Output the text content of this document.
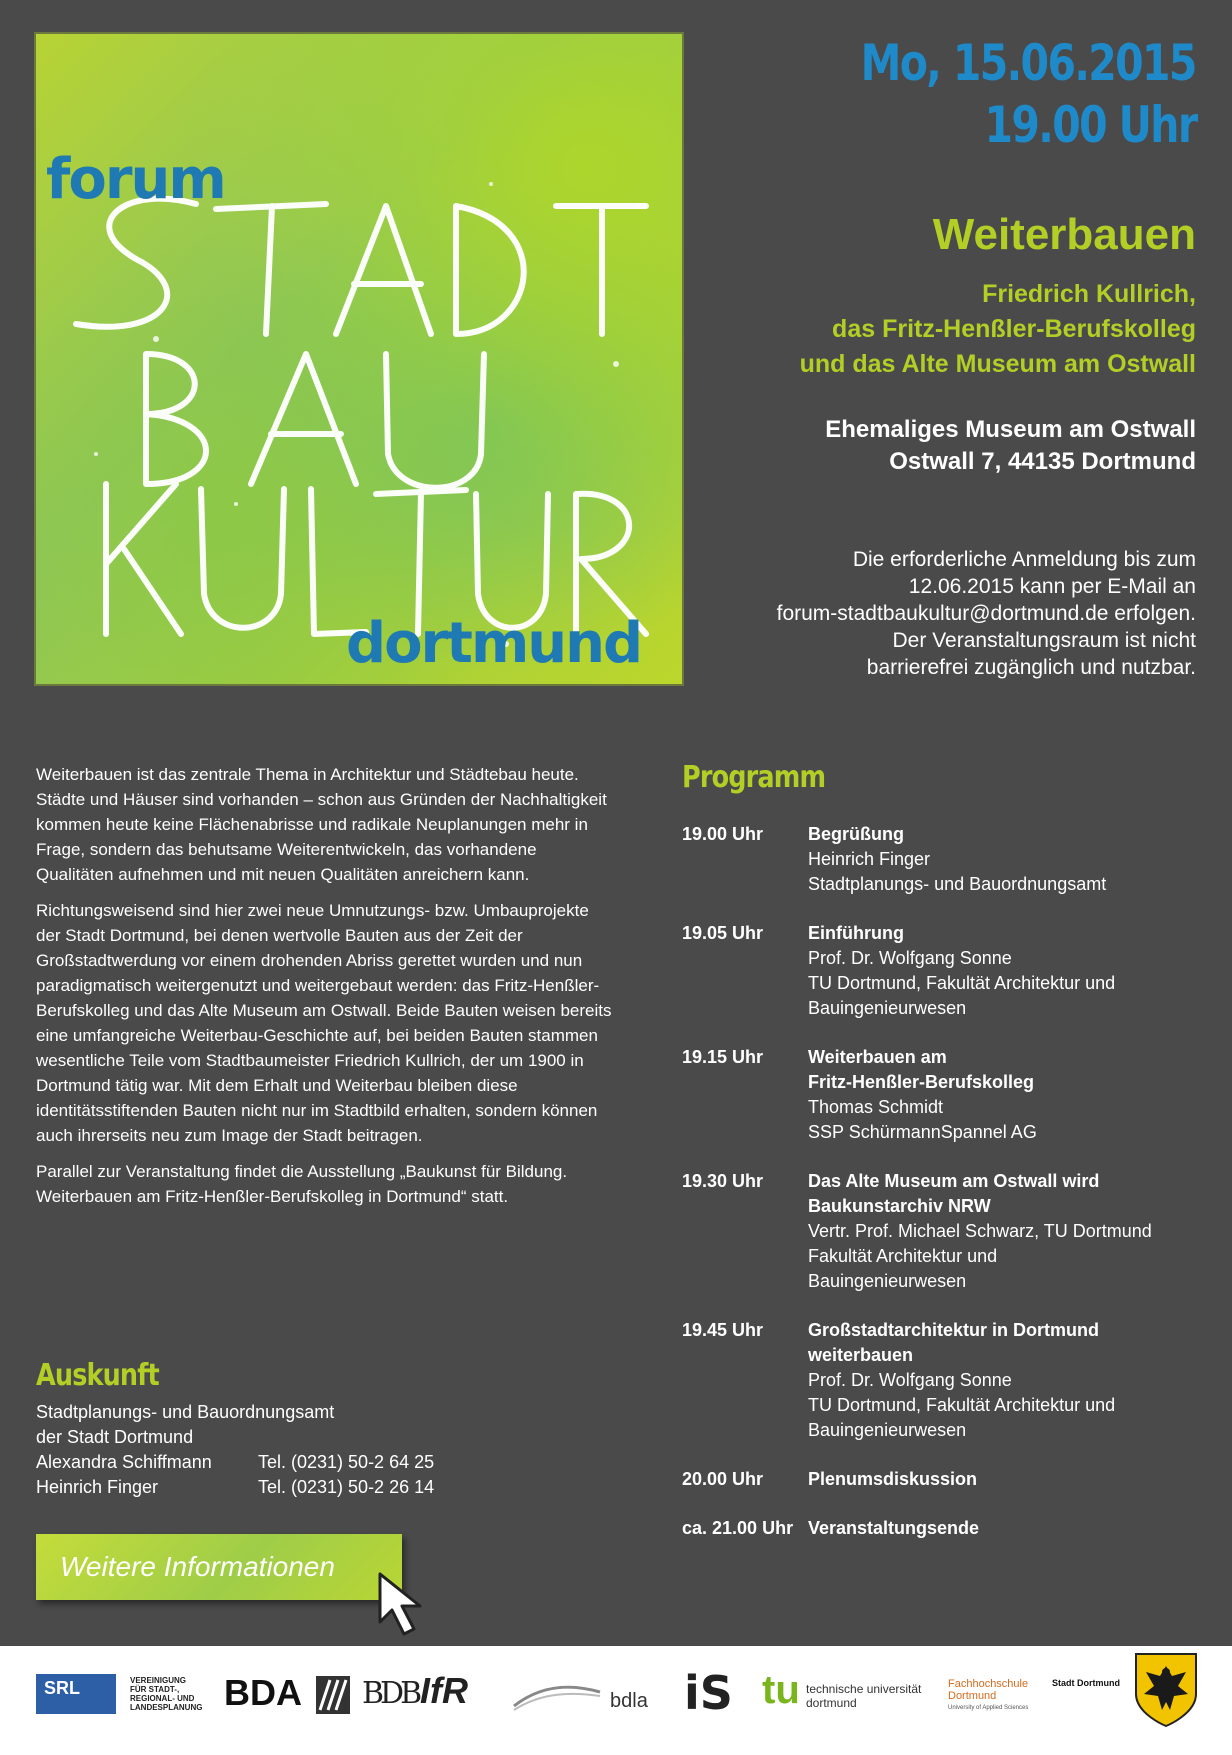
forum
dortmund
Mo, 15.06.2015
19.00 Uhr
Weiterbauen
Friedrich Kullrich,
das Fritz-Henßler-Berufskolleg
und das Alte Museum am Ostwall
Ehemaliges Museum am Ostwall
Ostwall 7, 44135 Dortmund
Die erforderliche Anmeldung bis zum
12.06.2015 kann per E-Mail an
forum-stadtbaukultur@dortmund.de erfolgen.
Der Veranstaltungsraum ist nicht
barrierefrei zugänglich und nutzbar.

Weiterbauen ist das zentrale Thema in Architektur und Städtebau heute. Städte und Häuser sind vorhanden – schon aus Gründen der Nachhaltigkeit kommen heute keine Flächenabrisse und radikale Neuplanungen mehr in Frage, sondern das behutsame Weiterentwickeln, das vorhandene Qualitäten aufnehmen und mit neuen Qualitäten anreichern kann.

Richtungsweisend sind hier zwei neue Umnutzungs- bzw. Umbauprojekte der Stadt Dortmund, bei denen wertvolle Bauten aus der Zeit der Großstadtwerdung vor einem drohenden Abriss gerettet wurden und nun paradigmatisch weitergenutzt und weitergebaut werden: das Fritz-Henßler-Berufskolleg und das Alte Museum am Ostwall. Beide Bauten weisen bereits eine umfangreiche Weiterbau-Geschichte auf, bei beiden Bauten stammen wesentliche Teile vom Stadtbaumeister Friedrich Kullrich, der um 1900 in Dortmund tätig war. Mit dem Erhalt und Weiterbau bleiben diese identitätsstiftenden Bauten nicht nur im Stadtbild erhalten, sondern können auch ihrerseits neu zum Image der Stadt beitragen.

Parallel zur Veranstaltung findet die Ausstellung „Baukunst für Bildung. Weiterbauen am Fritz-Henßler-Berufskolleg in Dortmund“ statt.

Auskunft
Stadtplanungs- und Bauordnungsamt
der Stadt Dortmund
Alexandra Schiffmann	Tel. (0231) 50-2 64 25
Heinrich Finger	Tel. (0231) 50-2 26 14
Weitere Informationen
Programm
19.00 Uhr	Begrüßung
Heinrich Finger
Stadtplanungs- und Bauordnungsamt
19.05 Uhr	Einführung
Prof. Dr. Wolfgang Sonne
TU Dortmund, Fakultät Architektur und
Bauingenieurwesen
19.15 Uhr	Weiterbauen am
Fritz-Henßler-Berufskolleg
Thomas Schmidt
SSP SchürmannSpannel AG
19.30 Uhr	Das Alte Museum am Ostwall wird
Baukunstarchiv NRW
Vertr. Prof. Michael Schwarz, TU Dortmund
Fakultät Architektur und
Bauingenieurwesen
19.45 Uhr	Großstadtarchitektur in Dortmund
weiterbauen
Prof. Dr. Wolfgang Sonne
TU Dortmund, Fakultät Architektur und
Bauingenieurwesen
20.00 Uhr	Plenumsdiskussion
ca. 21.00 Uhr Veranstaltungsende
SRL	VEREINIGUNG
FÜR STADT-,
REGIONAL- UND
LANDESPLANUNG BDA BDB IfR	bdla iS tu technische universität
dortmund
Fachhochschule
Dortmund
University of Applied Sciences
Stadt Dortmund
